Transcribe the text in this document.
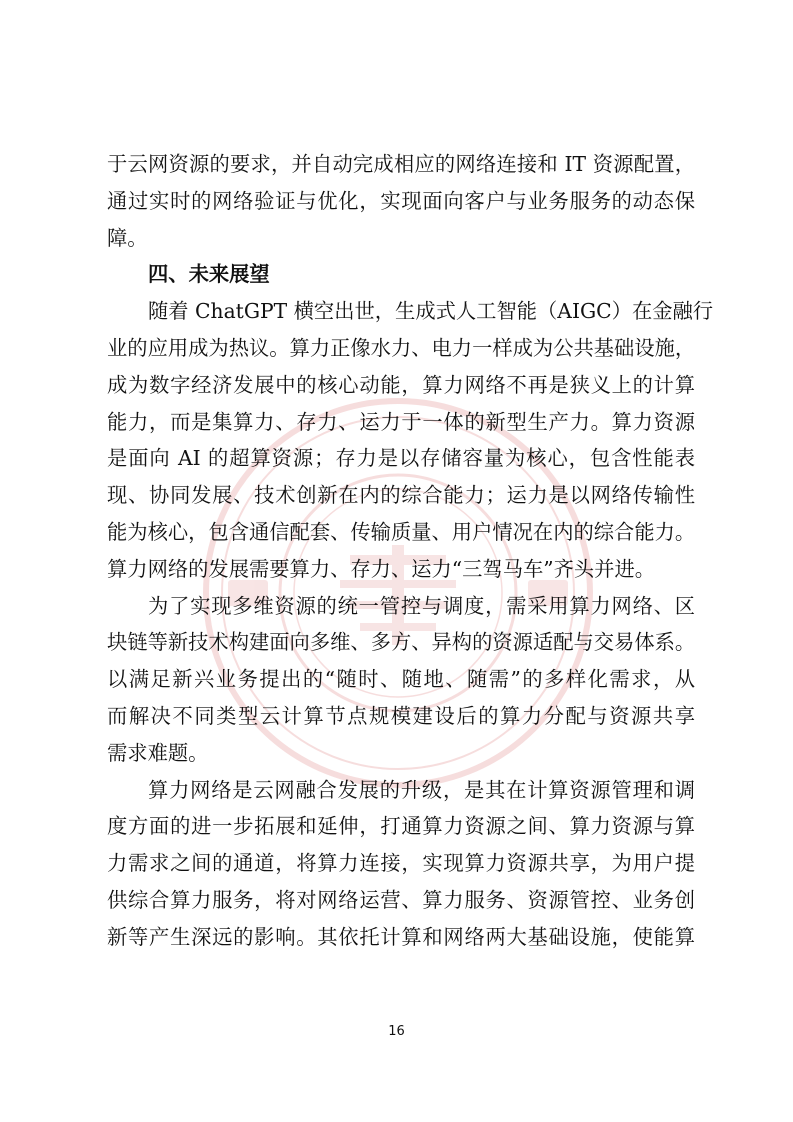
于云网资源的要求，并自动完成相应的网络连接和 IT 资源配置，
通过实时的网络验证与优化，实现面向客户与业务服务的动态保
障。
四、未来展望
随着 ChatGPT 横空出世，生成式人工智能（AIGC）在金融行
业的应用成为热议。算力正像水力、电力一样成为公共基础设施，
成为数字经济发展中的核心动能，算力网络不再是狭义上的计算
能力，而是集算力、存力、运力于一体的新型生产力。算力资源
是面向 AI 的超算资源；存力是以存储容量为核心，包含性能表
现、协同发展、技术创新在内的综合能力；运力是以网络传输性
能为核心，包含通信配套、传输质量、用户情况在内的综合能力。
算力网络的发展需要算力、存力、运力“三驾马车”齐头并进。
为了实现多维资源的统一管控与调度，需采用算力网络、区
块链等新技术构建面向多维、多方、异构的资源适配与交易体系。
以满足新兴业务提出的“随时、随地、随需”的多样化需求，从
而解决不同类型云计算节点规模建设后的算力分配与资源共享
需求难题。
算力网络是云网融合发展的升级，是其在计算资源管理和调
度方面的进一步拓展和延伸，打通算力资源之间、算力资源与算
力需求之间的通道，将算力连接，实现算力资源共享，为用户提
供综合算力服务，将对网络运营、算力服务、资源管控、业务创
新等产生深远的影响。其依托计算和网络两大基础设施，使能算
16
